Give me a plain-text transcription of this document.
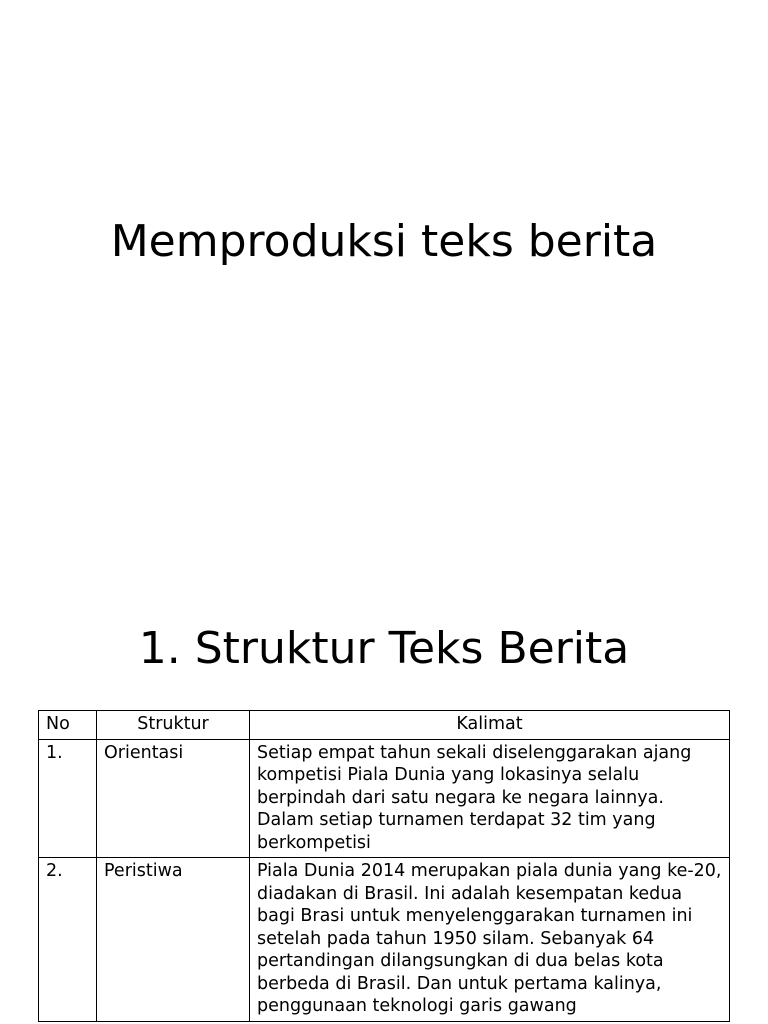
Memproduksi teks berita
1. Struktur Teks Berita
No	Struktur	Kalimat
1.	Orientasi	Setiap empat tahun sekali diselenggarakan ajang kompetisi Piala Dunia yang lokasinya selalu berpindah dari satu negara ke negara lainnya. Dalam setiap turnamen terdapat 32 tim yang berkompetisi
2.	Peristiwa	Piala Dunia 2014 merupakan piala dunia yang ke-20, diadakan di Brasil. Ini adalah kesempatan kedua bagi Brasi untuk menyelenggarakan turnamen ini setelah pada tahun 1950 silam. Sebanyak 64 pertandingan dilangsungkan di dua belas kota berbeda di Brasil. Dan untuk pertama kalinya, penggunaan teknologi garis gawang
